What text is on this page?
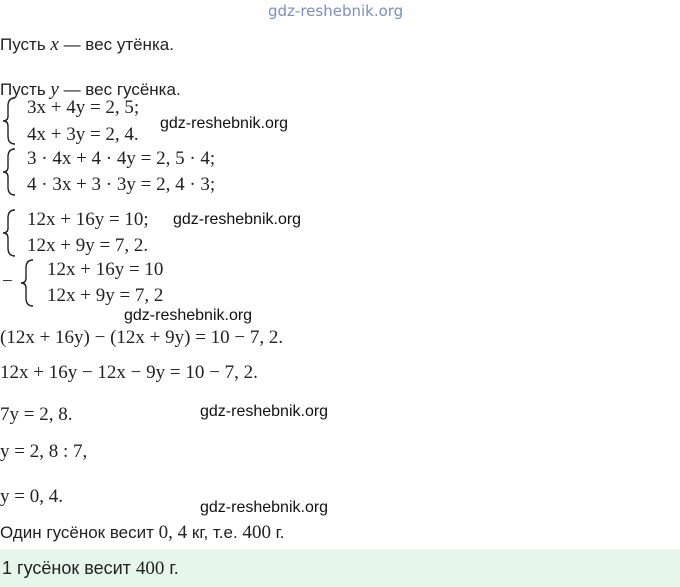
gdz-reshebnik.org
Пусть x — вес утёнка.
Пусть y — вес гусёнка.
3x + 4y = 2, 5;
4x + 3y = 2, 4.
3 · 4x + 4 · 4y = 2, 5 · 4;
4 · 3x + 3 · 3y = 2, 4 · 3;
12x + 16y = 10;
12x + 9y = 7, 2.
−
12x + 16y = 10
12x + 9y = 7, 2
(12x + 16y) − (12x + 9y) = 10 − 7, 2.
12x + 16y − 12x − 9y = 10 − 7, 2.
7y = 2, 8.
y = 2, 8 : 7,
y = 0, 4.
Один гусёнок весит 0, 4 кг, т.е. 400 г.
1 гусёнок весит 400 г.
gdz-reshebnik.org
gdz-reshebnik.org
gdz-reshebnik.org
gdz-reshebnik.org
gdz-reshebnik.org
